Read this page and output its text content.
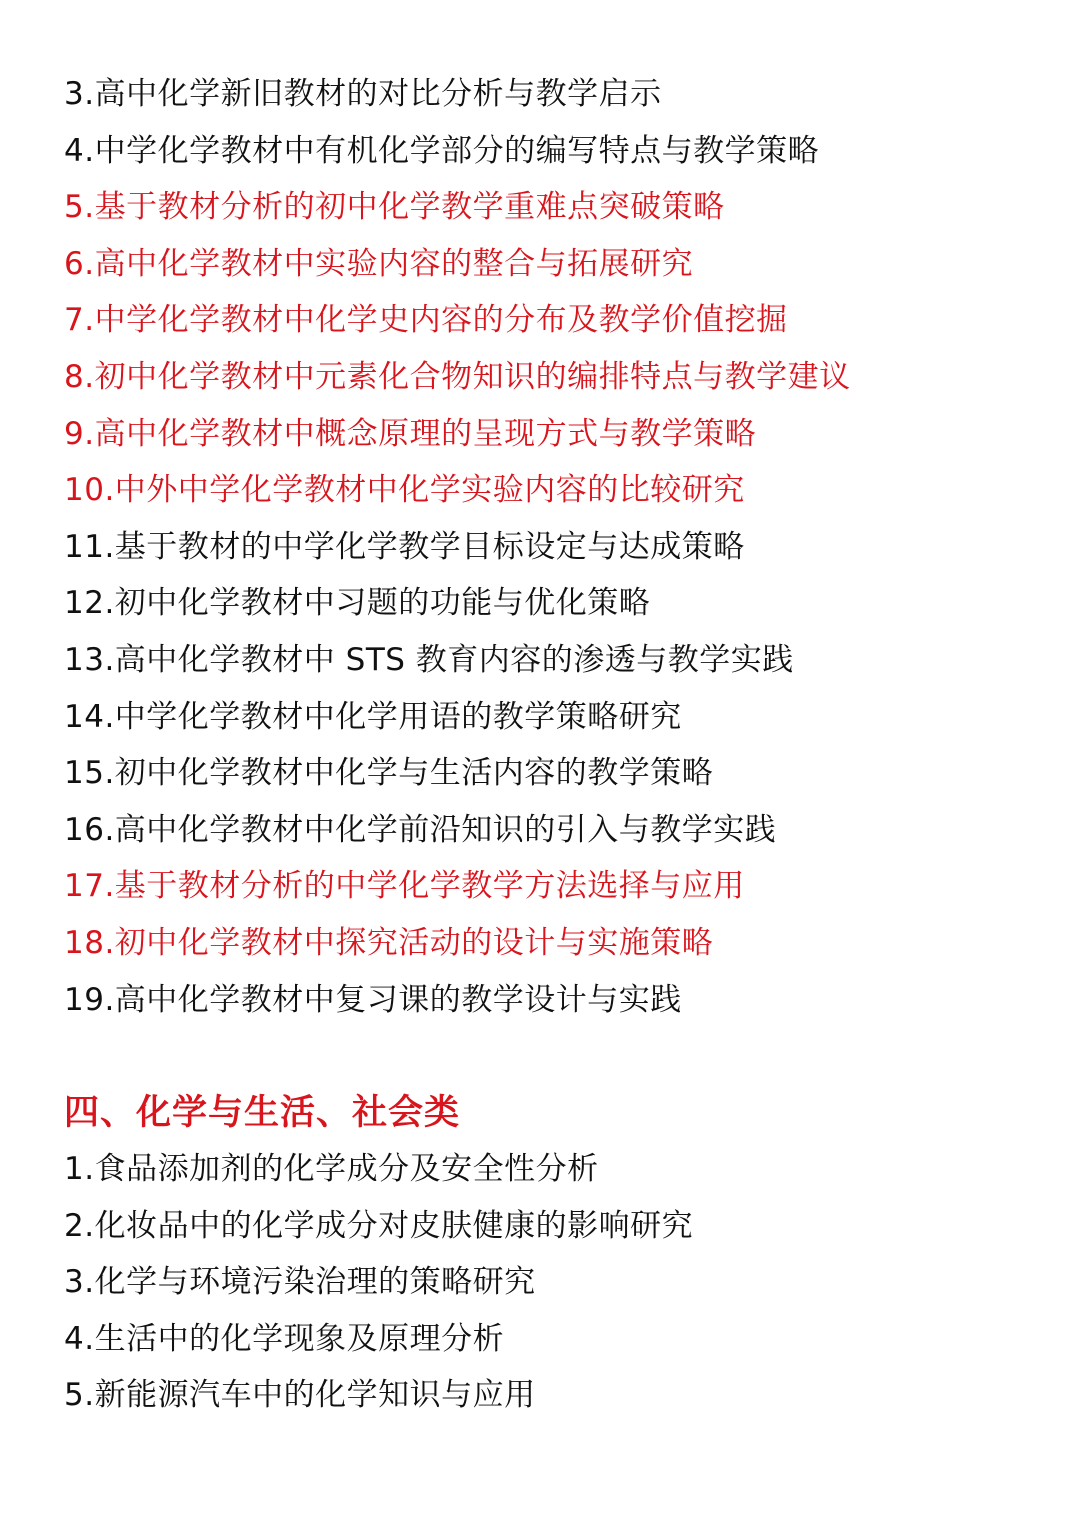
3.高中化学新旧教材的对比分析与教学启示
4.中学化学教材中有机化学部分的编写特点与教学策略
5.基于教材分析的初中化学教学重难点突破策略
6.高中化学教材中实验内容的整合与拓展研究
7.中学化学教材中化学史内容的分布及教学价值挖掘
8.初中化学教材中元素化合物知识的编排特点与教学建议
9.高中化学教材中概念原理的呈现方式与教学策略
10.中外中学化学教材中化学实验内容的比较研究
11.基于教材的中学化学教学目标设定与达成策略
12.初中化学教材中习题的功能与优化策略
13.高中化学教材中 STS 教育内容的渗透与教学实践
14.中学化学教材中化学用语的教学策略研究
15.初中化学教材中化学与生活内容的教学策略
16.高中化学教材中化学前沿知识的引入与教学实践
17.基于教材分析的中学化学教学方法选择与应用
18.初中化学教材中探究活动的设计与实施策略
19.高中化学教材中复习课的教学设计与实践
四、化学与生活、社会类
1.食品添加剂的化学成分及安全性分析
2.化妆品中的化学成分对皮肤健康的影响研究
3.化学与环境污染治理的策略研究
4.生活中的化学现象及原理分析
5.新能源汽车中的化学知识与应用
